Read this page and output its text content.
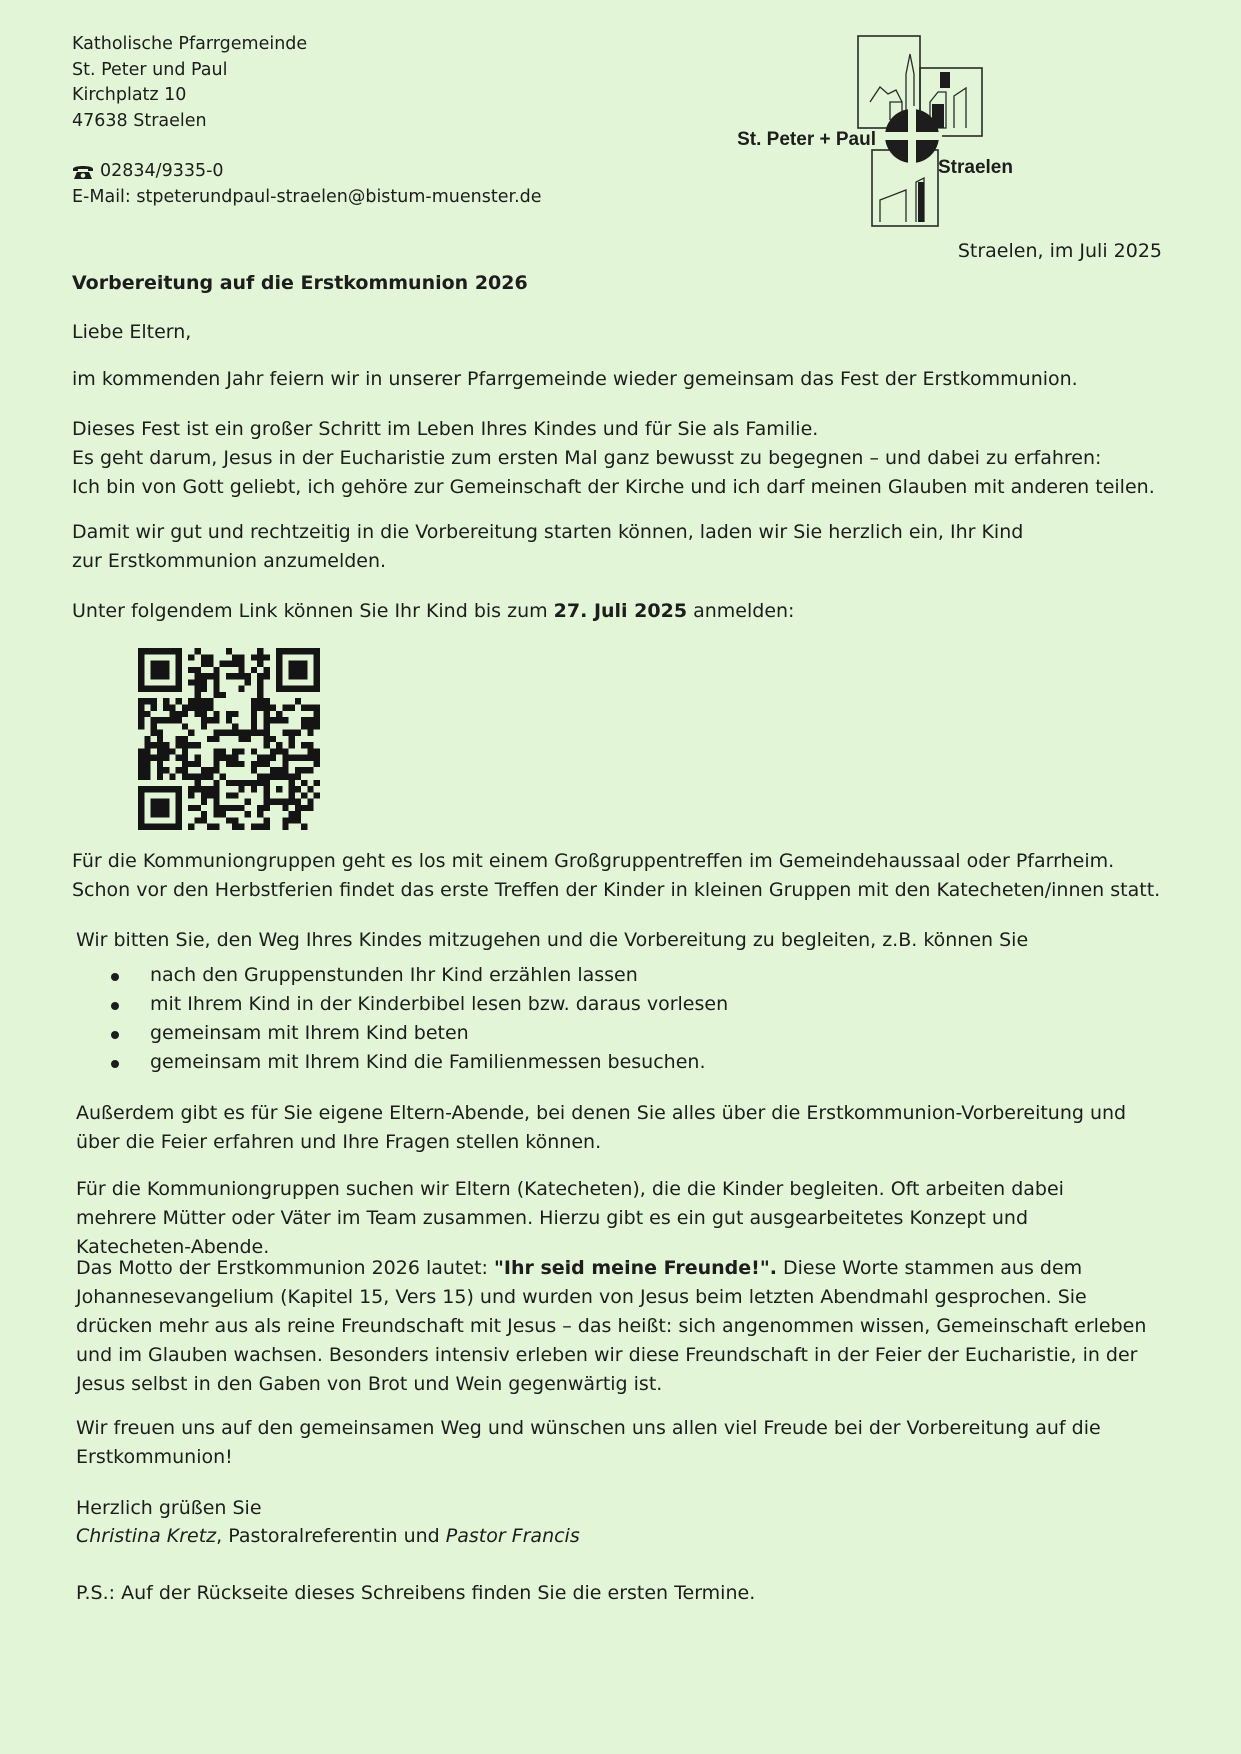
Katholische Pfarrgemeinde
St. Peter und Paul
Kirchplatz 10
47638 Straelen
02834/9335-0
E-Mail: stpeterundpaul-straelen@bistum-muenster.de
St. Peter + Paul
Straelen
Straelen, im Juli 2025
Vorbereitung auf die Erstkommunion 2026
Liebe Eltern,
im kommenden Jahr feiern wir in unserer Pfarrgemeinde wieder gemeinsam das Fest der Erstkommunion.
Dieses Fest ist ein großer Schritt im Leben Ihres Kindes und für Sie als Familie.
Es geht darum, Jesus in der Eucharistie zum ersten Mal ganz bewusst zu begegnen – und dabei zu erfahren:
Ich bin von Gott geliebt, ich gehöre zur Gemeinschaft der Kirche und ich darf meinen Glauben mit anderen teilen.
Damit wir gut und rechtzeitig in die Vorbereitung starten können, laden wir Sie herzlich ein, Ihr Kind zur Erstkommunion anzumelden.
Unter folgendem Link können Sie Ihr Kind bis zum 27. Juli 2025 anmelden:
Für die Kommuniongruppen geht es los mit einem Großgruppentreffen im Gemeindehaussaal oder Pfarrheim. Schon vor den Herbstferien findet das erste Treffen der Kinder in kleinen Gruppen mit den Katecheten/innen statt.
Wir bitten Sie, den Weg Ihres Kindes mitzugehen und die Vorbereitung zu begleiten, z.B. können Sie
nach den Gruppenstunden Ihr Kind erzählen lassen
mit Ihrem Kind in der Kinderbibel lesen bzw. daraus vorlesen
gemeinsam mit Ihrem Kind beten
gemeinsam mit Ihrem Kind die Familienmessen besuchen.
Außerdem gibt es für Sie eigene Eltern-Abende, bei denen Sie alles über die Erstkommunion-Vorbereitung und über die Feier erfahren und Ihre Fragen stellen können.
Für die Kommuniongruppen suchen wir Eltern (Katecheten), die die Kinder begleiten. Oft arbeiten dabei mehrere Mütter oder Väter im Team zusammen. Hierzu gibt es ein gut ausgearbeitetes Konzept und Katecheten-Abende.
Das Motto der Erstkommunion 2026 lautet: "Ihr seid meine Freunde!". Diese Worte stammen aus dem Johannesevangelium (Kapitel 15, Vers 15) und wurden von Jesus beim letzten Abendmahl gesprochen. Sie drücken mehr aus als reine Freundschaft mit Jesus – das heißt: sich angenommen wissen, Gemeinschaft erleben und im Glauben wachsen. Besonders intensiv erleben wir diese Freundschaft in der Feier der Eucharistie, in der Jesus selbst in den Gaben von Brot und Wein gegenwärtig ist.
Wir freuen uns auf den gemeinsamen Weg und wünschen uns allen viel Freude bei der Vorbereitung auf die Erstkommunion!
Herzlich grüßen Sie
Christina Kretz, Pastoralreferentin und Pastor Francis
P.S.: Auf der Rückseite dieses Schreibens finden Sie die ersten Termine.
